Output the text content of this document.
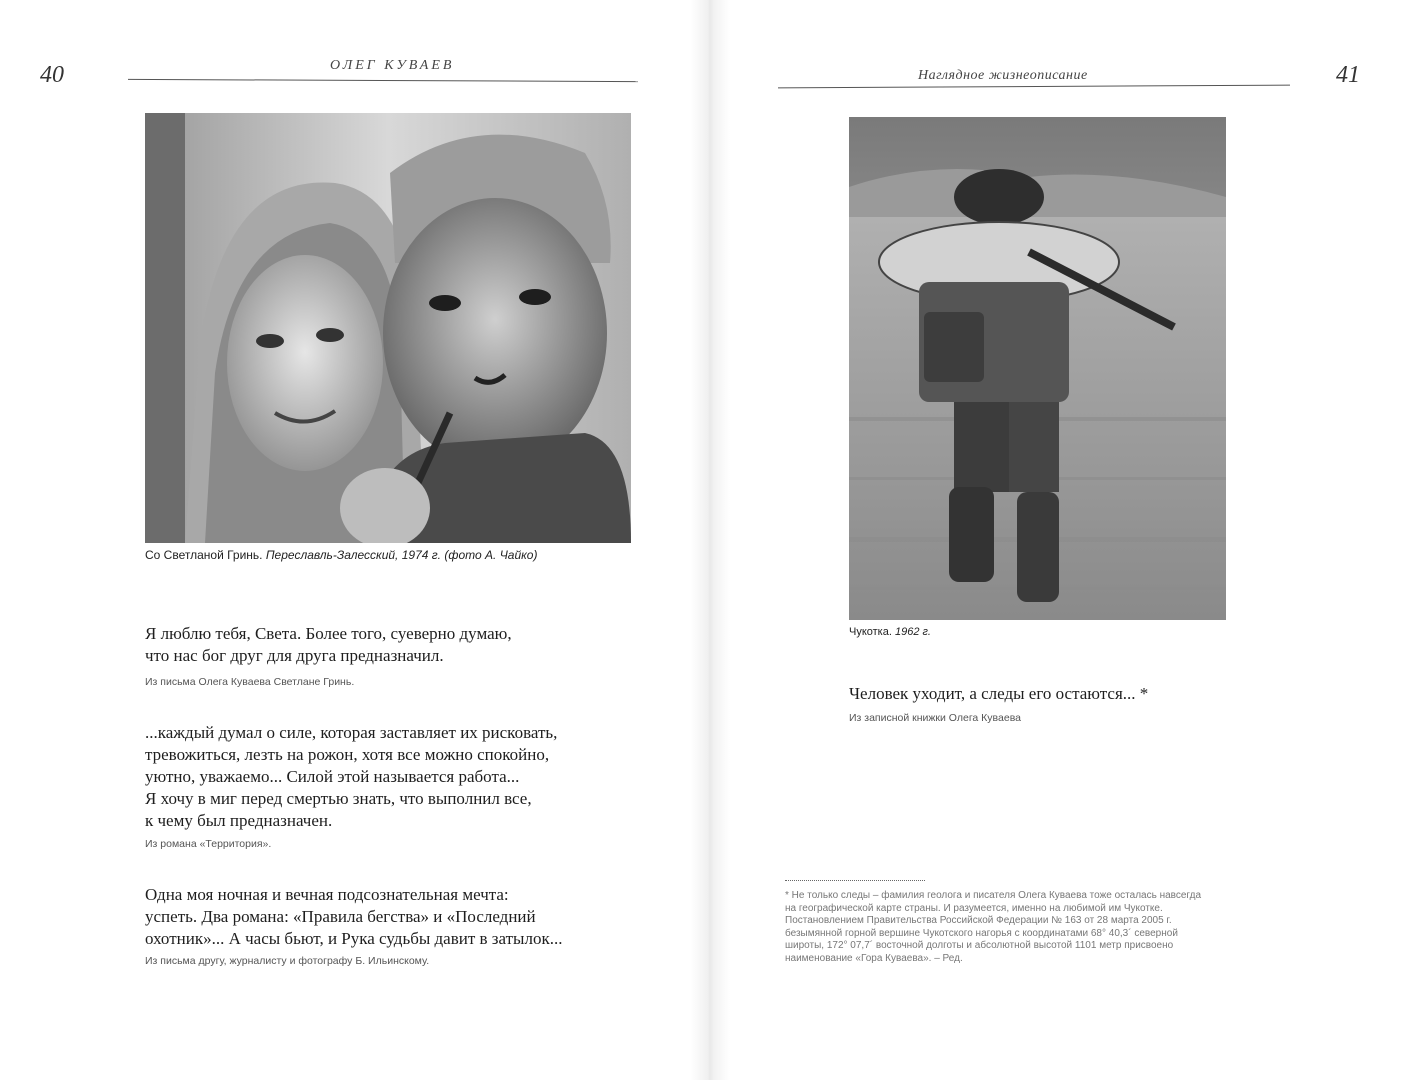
40	ОЛЕГ КУВАЕВ
Со Светланой Гринь. Переславль-Залесский, 1974 г. (фото А. Чайко)
Я люблю тебя, Света. Более того, суеверно думаю,
что нас бог друг для друга предназначил.
Из письма Олега Куваева Светлане Гринь.
...каждый думал о силе, которая заставляет их рисковать,
тревожиться, лезть на рожон, хотя все можно спокойно,
уютно, уважаемо... Силой этой называется работа...
Я хочу в миг перед смертью знать, что выполнил все,
к чему был предназначен.
Из романа «Территория».
Одна моя ночная и вечная подсознательная мечта:
успеть. Два романа: «Правила бегства» и «Последний
охотник»... А часы бьют, и Рука судьбы давит в затылок...
Из письма другу, журналисту и фотографу Б. Ильинскому.
Наглядное жизнеописание	41
Чукотка. 1962 г.
Человек уходит, а следы его остаются... *
Из записной книжки Олега Куваева
* Не только следы – фамилия геолога и писателя Олега Куваева тоже осталась навсегда
на географической карте страны. И разумеется, именно на любимой им Чукотке.
Постановлением Правительства Российской Федерации № 163 от 28 марта 2005 г.
безымянной горной вершине Чукотского нагорья с координатами 68° 40,3´ северной
широты, 172° 07,7´ восточной долготы и абсолютной высотой 1101 метр присвоено
наименование «Гора Куваева». – Ред.
